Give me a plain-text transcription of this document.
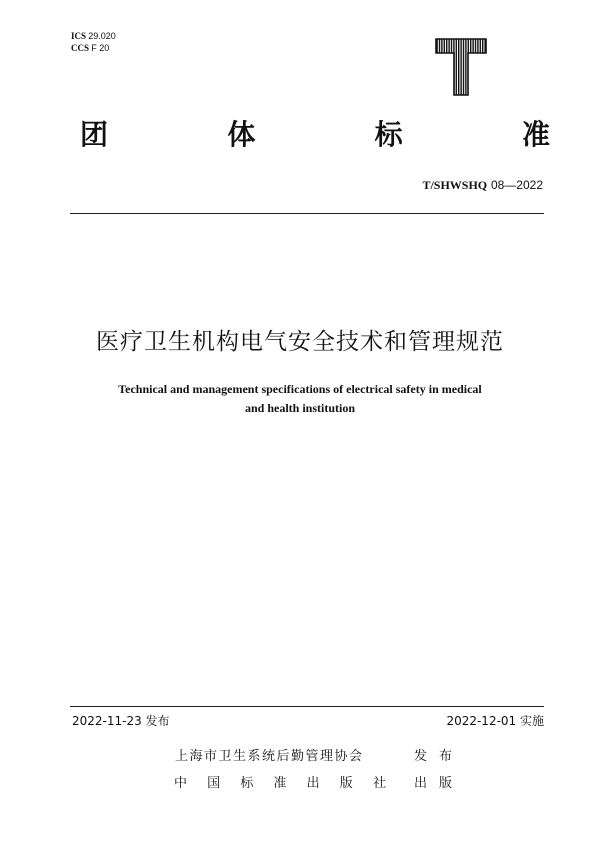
ICS 29.020
CCS F 20
团	体	标	准
T/SHWSHQ 08—2022
医疗卫生机构电气安全技术和管理规范
Technical and management specifications of electrical safety in medical
and health institution
2022-11-23 发布	2022-12-01 实施
上海市卫生系统后勤管理协会	发 布
中 国 标 准 出 版 社 出 版
